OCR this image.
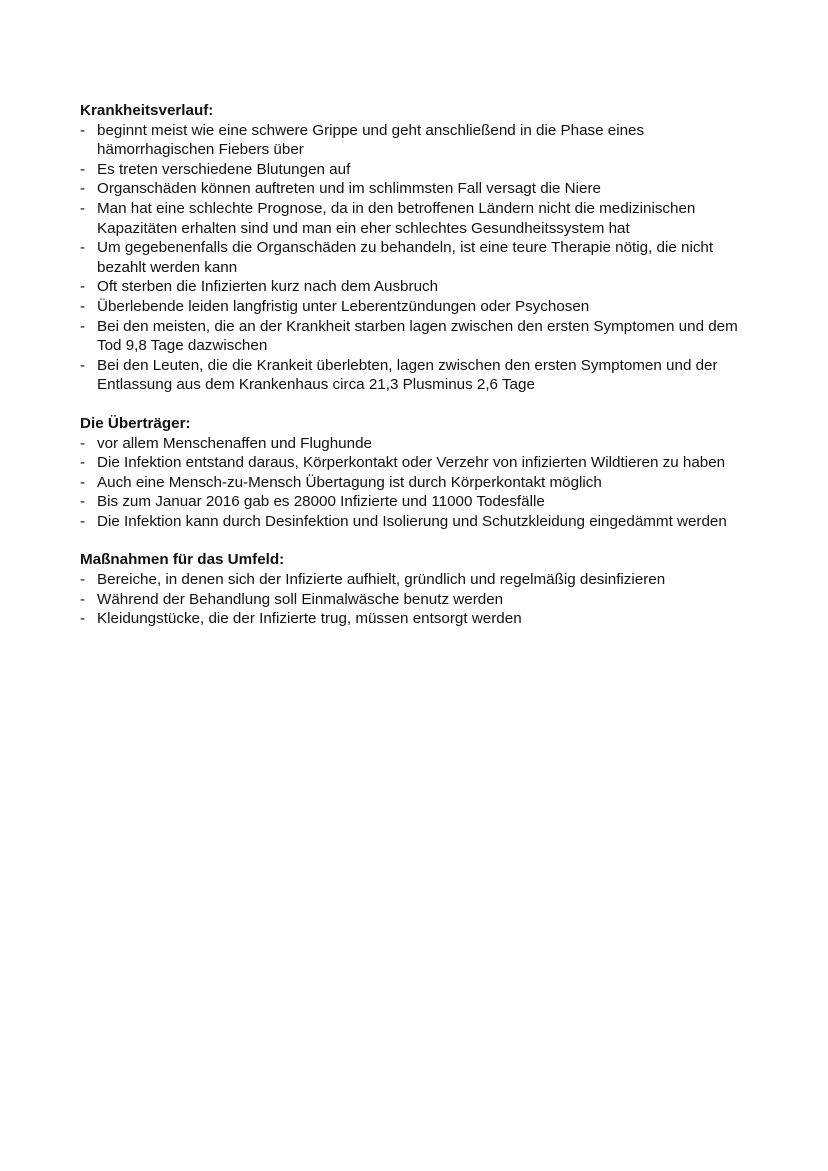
Krankheitsverlauf:
- beginnt meist wie eine schwere Grippe und geht anschließend in die Phase eines hämorrhagischen Fiebers über
- Es treten verschiedene Blutungen auf
- Organschäden können auftreten und im schlimmsten Fall versagt die Niere
- Man hat eine schlechte Prognose, da in den betroffenen Ländern nicht die medizinischen Kapazitäten erhalten sind und man ein eher schlechtes Gesundheitssystem hat
- Um gegebenenfalls die Organschäden zu behandeln, ist eine teure Therapie nötig, die nicht bezahlt werden kann
- Oft sterben die Infizierten kurz nach dem Ausbruch
- Überlebende leiden langfristig unter Leberentzündungen oder Psychosen
- Bei den meisten, die an der Krankheit starben lagen zwischen den ersten Symptomen und dem Tod 9,8 Tage dazwischen
- Bei den Leuten, die die Krankeit überlebten, lagen zwischen den ersten Symptomen und der Entlassung aus dem Krankenhaus circa 21,3 Plusminus 2,6 Tage
Die Überträger:
- vor allem Menschenaffen und Flughunde
- Die Infektion entstand daraus, Körperkontakt oder Verzehr von infizierten Wildtieren zu haben
- Auch eine Mensch-zu-Mensch Übertagung ist durch Körperkontakt möglich
- Bis zum Januar 2016 gab es 28000 Infizierte und 11000 Todesfälle
- Die Infektion kann durch Desinfektion und Isolierung und Schutzkleidung eingedämmt werden
Maßnahmen für das Umfeld:
- Bereiche, in denen sich der Infizierte aufhielt, gründlich und regelmäßig desinfizieren
- Während der Behandlung soll Einmalwäsche benutz werden
- Kleidungstücke, die der Infizierte trug, müssen entsorgt werden
